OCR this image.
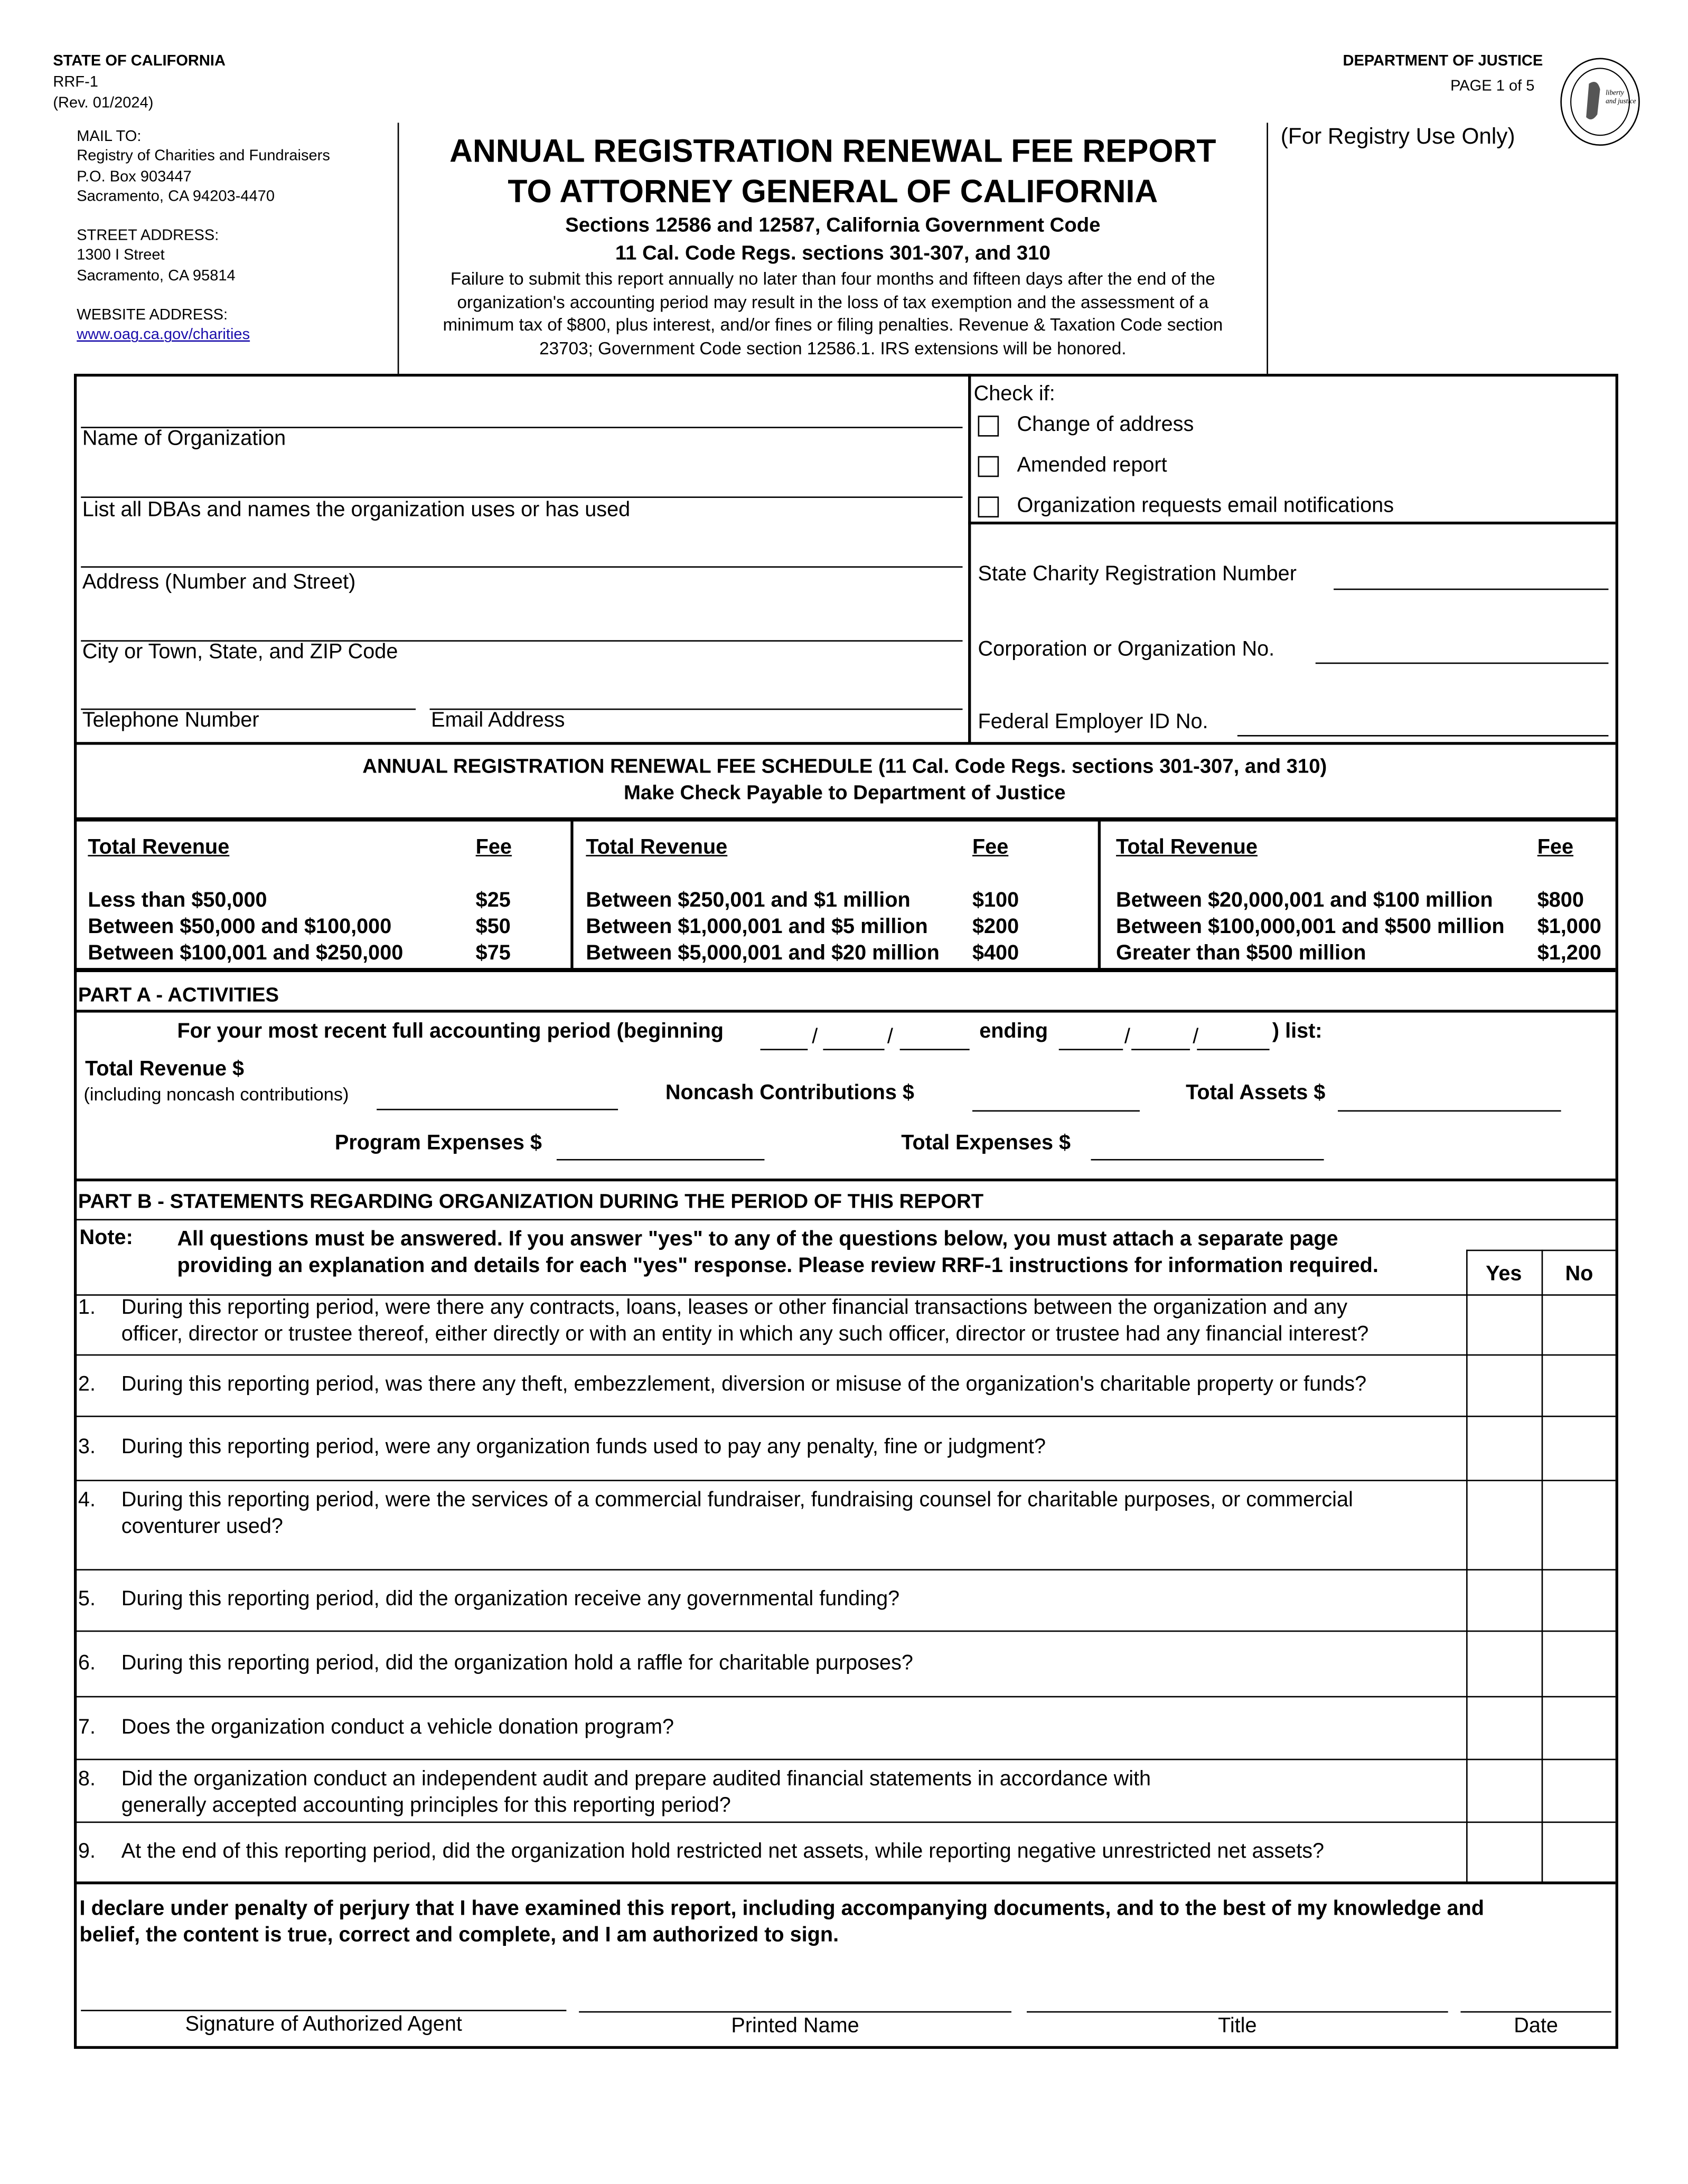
STATE OF CALIFORNIA
RRF-1
(Rev. 01/2024)
DEPARTMENT OF JUSTICE
PAGE 1 of 5	liberty
and justice
(For Registry Use Only)
MAIL TO:
Registry of Charities and Fundraisers
P.O. Box 903447
Sacramento, CA 94203-4470
STREET ADDRESS:
1300 I Street
Sacramento, CA 95814
WEBSITE ADDRESS:
www.oag.ca.gov/charities
ANNUAL REGISTRATION RENEWAL FEE REPORT
TO ATTORNEY GENERAL OF CALIFORNIA
Sections 12586 and 12587, California Government Code
11 Cal. Code Regs. sections 301-307, and 310
Failure to submit this report annually no later than four months and fifteen days after the end of the
organization's accounting period may result in the loss of tax exemption and the assessment of a
minimum tax of $800, plus interest, and/or fines or filing penalties. Revenue & Taxation Code section
23703; Government Code section 12586.1. IRS extensions will be honored.
Name of Organization
List all DBAs and names the organization uses or has used
Address (Number and Street)
City or Town, State, and ZIP Code
Telephone Number	Email Address
Check if:
Change of address
Amended report
Organization requests email notifications
State Charity Registration Number
Corporation or Organization No.
Federal Employer ID No.
ANNUAL REGISTRATION RENEWAL FEE SCHEDULE (11 Cal. Code Regs. sections 301-307, and 310)
Make Check Payable to Department of Justice
Total Revenue	Fee
Less than $50,000	$25
Between $50,000 and $100,000	$50
Between $100,001 and $250,000	$75
Total Revenue	Fee
Between $250,001 and $1 million	$100
Between $1,000,001 and $5 million	$200
Between $5,000,001 and $20 million	$400
Total Revenue	Fee
Between $20,000,001 and $100 million	$800
Between $100,000,001 and $500 million	$1,000
Greater than $500 million	$1,200
PART A - ACTIVITIES
For your most recent full accounting period (beginning	/	/	ending	/	/	) list:
Total Revenue $
(including noncash contributions)	Noncash Contributions $	Total Assets $
Program Expenses $	Total Expenses $
PART B - STATEMENTS REGARDING ORGANIZATION DURING THE PERIOD OF THIS REPORT
Note:	All questions must be answered. If you answer "yes" to any of the questions below, you must attach a separate page
providing an explanation and details for each "yes" response. Please review RRF-1 instructions for information required.	Yes	No
1.	During this reporting period, were there any contracts, loans, leases or other financial transactions between the organization and any
officer, director or trustee thereof, either directly or with an entity in which any such officer, director or trustee had any financial interest?
2.	During this reporting period, was there any theft, embezzlement, diversion or misuse of the organization's charitable property or funds?
3.	During this reporting period, were any organization funds used to pay any penalty, fine or judgment?
4.	During this reporting period, were the services of a commercial fundraiser, fundraising counsel for charitable purposes, or commercial
coventurer used?
5.	During this reporting period, did the organization receive any governmental funding?
6.	During this reporting period, did the organization hold a raffle for charitable purposes?
7.	Does the organization conduct a vehicle donation program?
8.	Did the organization conduct an independent audit and prepare audited financial statements in accordance with
generally accepted accounting principles for this reporting period?
9.	At the end of this reporting period, did the organization hold restricted net assets, while reporting negative unrestricted net assets?
I declare under penalty of perjury that I have examined this report, including accompanying documents, and to the best of my knowledge and
belief, the content is true, correct and complete, and I am authorized to sign.
Signature of Authorized Agent	Printed Name	Title	Date
